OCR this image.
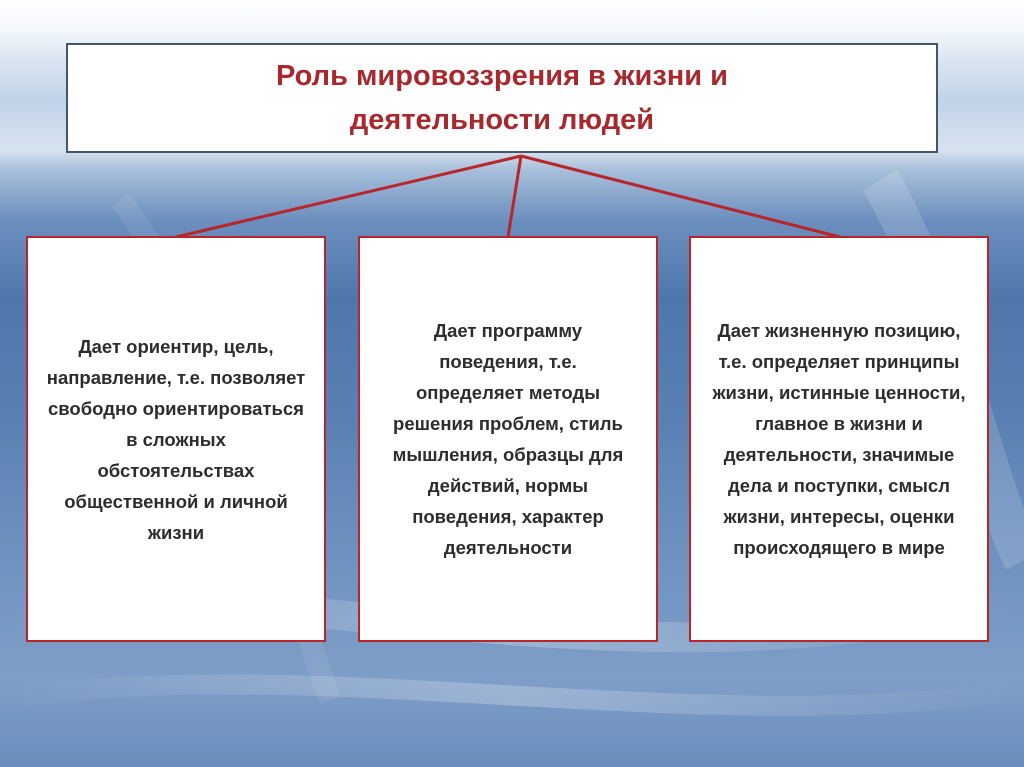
Роль мировоззрения в жизни и деятельности людей
Дает ориентир, цель, направление, т.е. позволяет свободно ориентироваться в сложных обстоятельствах общественной и личной жизни
Дает программу поведения, т.е. определяет методы решения проблем, стиль мышления, образцы для действий, нормы поведения, характер деятельности
Дает жизненную позицию, т.е. определяет принципы жизни, истинные ценности, главное в жизни и деятельности, значимые дела и поступки, смысл жизни, интересы, оценки происходящего в мире
